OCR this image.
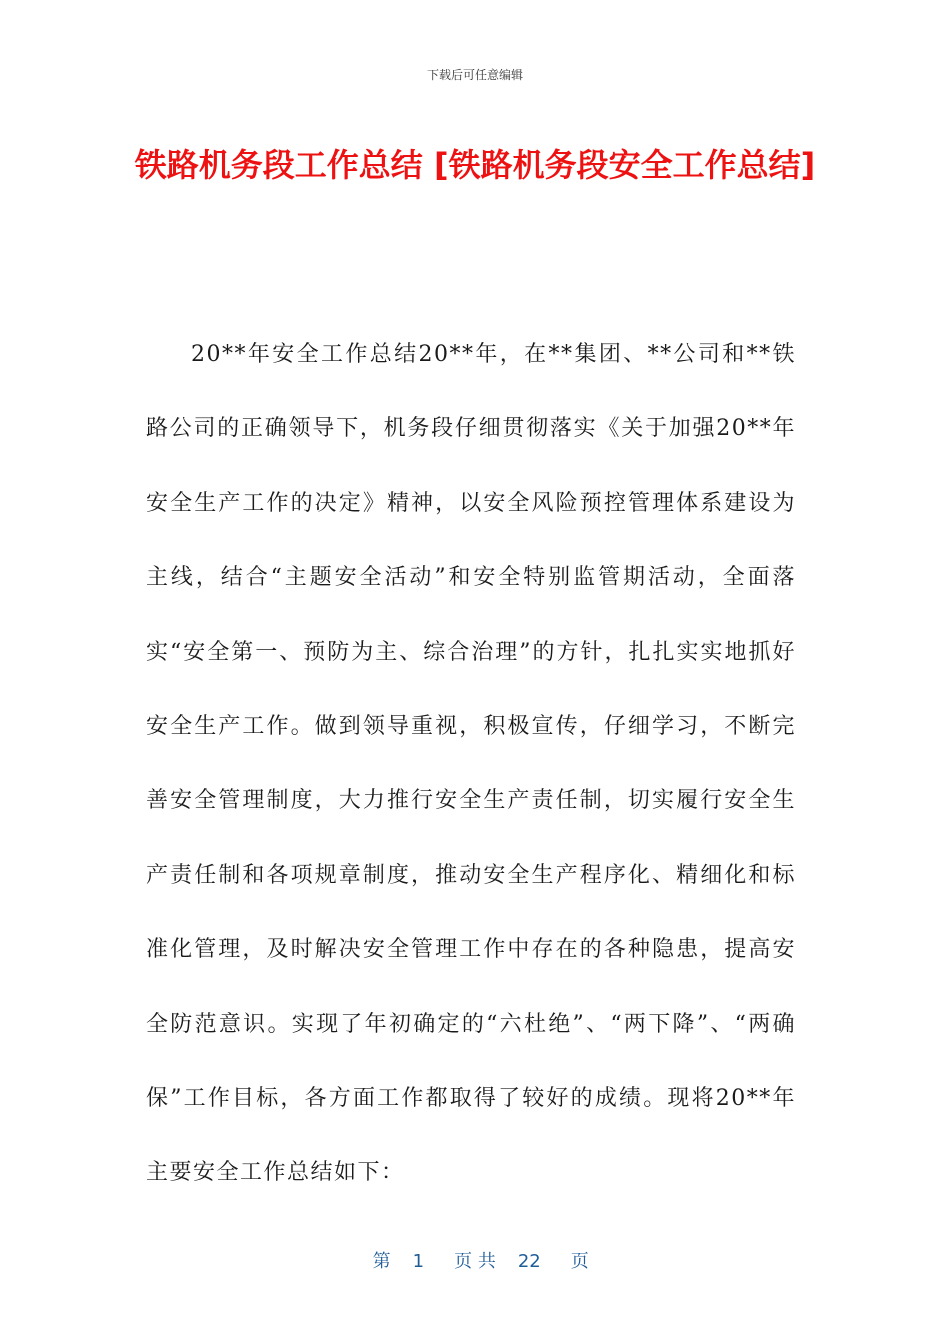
下载后可任意编辑
铁路机务段工作总结 [铁路机务段安全工作总结]

20**年安全工作总结20**年，在**集团、**公司和**铁路公司的正确领导下，机务段仔细贯彻落实《关于加强20**年安全生产工作的决定》精神，以安全风险预控管理体系建设为主线，结合“主题安全活动”和安全特别监管期活动，全面落实“安全第一、预防为主、综合治理”的方针，扎扎实实地抓好安全生产工作。做到领导重视，积极宣传，仔细学习，不断完善安全管理制度，大力推行安全生产责任制，切实履行安全生产责任制和各项规章制度，推动安全生产程序化、精细化和标准化管理，及时解决安全管理工作中存在的各种隐患，提高安全防范意识。实现了年初确定的“六杜绝”、“两下降”、“两确保”工作目标，各方面工作都取得了较好的成绩。现将20**年主要安全工作总结如下：

第 1 页 共 22 页
